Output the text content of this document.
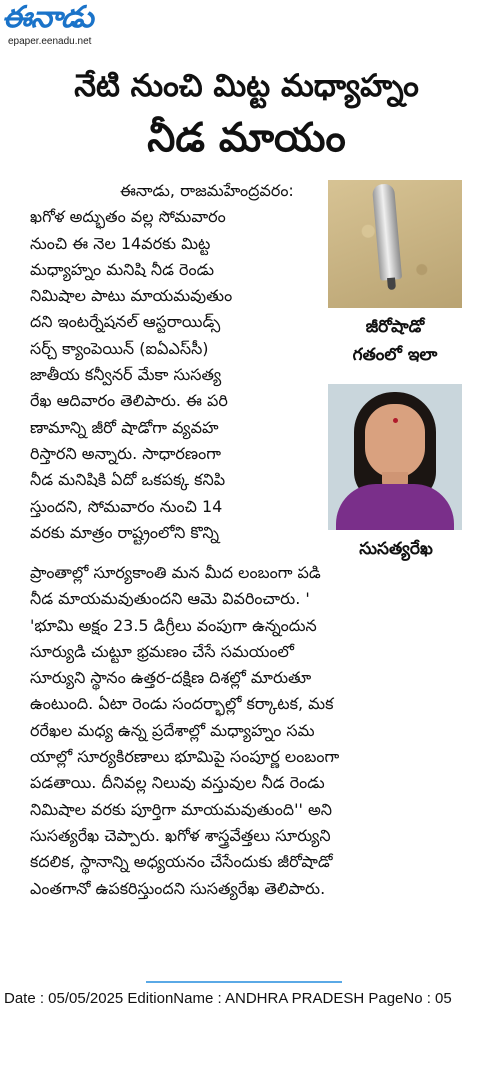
ఈనాడు
epaper.eenadu.net
నేటి నుంచి మిట్ట మధ్యాహ్నం
నీడ మాయం
ఈనాడు, రాజమహేంద్రవరం:
ఖగోళ అద్భుతం వల్ల సోమవారం
నుంచి ఈ నెల 14వరకు మిట్ట
మధ్యాహ్నం మనిషి నీడ రెండు
నిమిషాల పాటు మాయమవుతుం
దని ఇంటర్నేషనల్ ఆస్టరాయిడ్స్
సర్చ్ క్యాంపెయిన్ (ఐఏఎస్‌సీ)
జాతీయ కన్వీనర్ మేకా సుసత్య
రేఖ ఆదివారం తెలిపారు. ఈ పరి
ణామాన్ని జీరో షాడోగా వ్యవహ
రిస్తారని అన్నారు. సాధారణంగా
నీడ మనిషికి ఏదో ఒకపక్క కనిపి
స్తుందని, సోమవారం నుంచి 14
వరకు మాత్రం రాష్ట్రంలోని కొన్ని
జీరోషాడో
గతంలో ఇలా
సుసత్యరేఖ
ప్రాంతాల్లో సూర్యకాంతి మన మీద లంబంగా పడి
నీడ మాయమవుతుందని ఆమె వివరించారు. '
'భూమి అక్షం 23.5 డిగ్రీలు వంపుగా ఉన్నందున
సూర్యుడి చుట్టూ భ్రమణం చేసే సమయంలో
సూర్యుని స్థానం ఉత్తర-దక్షిణ దిశల్లో మారుతూ
ఉంటుంది. ఏటా రెండు సందర్భాల్లో కర్కాటక, మక
రరేఖల మధ్య ఉన్న ప్రదేశాల్లో మధ్యాహ్నం సమ
యాల్లో సూర్యకిరణాలు భూమిపై సంపూర్ణ లంబంగా
పడతాయి. దీనివల్ల నిలువు వస్తువుల నీడ రెండు
నిమిషాల వరకు పూర్తిగా మాయమవుతుంది'' అని
సుసత్యరేఖ చెప్పారు. ఖగోళ శాస్త్రవేత్తలు సూర్యుని
కదలిక, స్థానాన్ని అధ్యయనం చేసేందుకు జీరోషాడో
ఎంతగానో ఉపకరిస్తుందని సుసత్యరేఖ తెలిపారు.
Date : 05/05/2025 EditionName : ANDHRA PRADESH PageNo : 05
